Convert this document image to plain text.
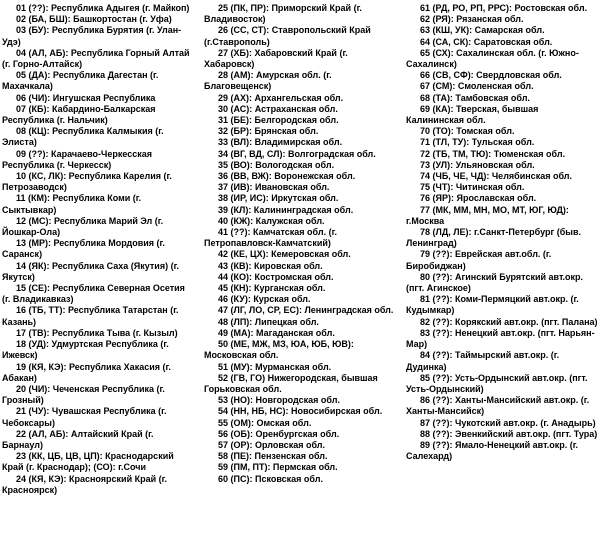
01 (??): Республика Адыгея (г. Майкоп)

02 (БА, БШ): Башкортостан (г. Уфа)

03 (БУ): Республика Бурятия (г. Улан-Удэ)

04 (АЛ, АБ): Республика Горный Алтай (г. Горно-Алтайск)

05 (ДА): Республика Дагестан (г. Махачкала)

06 (ЧИ): Ингушская Республика

07 (КБ): Кабардино-Балкарская Республика (г. Нальчик)

08 (КЦ): Республика Калмыкия (г. Элиста)

09 (??): Карачаево-Черкесская Республика (г. Черкесск)

10 (КС, ЛК): Республика Карелия (г. Петрозаводск)

11 (КМ): Республика Коми (г. Сыктывкар)

12 (МС): Республика Марий Эл (г. Йошкар-Ола)

13 (МР): Республика Мордовия (г. Саранск)

14 (ЯК): Республика Саха (Якутия) (г. Якутск)

15 (СЕ): Республика Северная Осетия (г. Владикавказ)

16 (ТБ, ТТ): Республика Татарстан (г. Казань)

17 (ТВ): Республика Тыва (г. Кызыл)

18 (УД): Удмуртская Республика (г. Ижевск)

19 (КЯ, КЭ): Республика Хакасия (г. Абакан)

20 (ЧИ): Чеченская Республика (г. Грозный)

21 (ЧУ): Чувашская Республика (г. Чебоксары)

22 (АЛ, АБ): Алтайский Край (г. Барнаул)

23 (КК, ЦБ, ЦВ, ЦП): Краснодарский Край (г. Краснодар); (СО): г.Сочи

24 (КЯ, КЭ): Красноярский Край (г. Красноярск)

25 (ПК, ПР): Приморский Край (г. Владивосток)

26 (СС, СТ): Ставропольский Край (г.Ставрополь)

27 (ХБ): Хабаровский Край (г. Хабаровск)

28 (АМ): Амурская обл. (г. Благовещенск)

29 (АХ): Архангельская обл.

30 (АС): Астраханская обл.

31 (БЕ): Белгородская обл.

32 (БР): Брянская обл.

33 (ВЛ): Владимирская обл.

34 (ВГ, ВД, СЛ): Волгоградская обл.

35 (ВО): Вологодская обл.

36 (ВВ, ВЖ): Воронежская обл.

37 (ИВ): Ивановская обл.

38 (ИР, ИС): Иркутская обл.

39 (КЛ): Калининградская обл.

40 (КЖ): Калужская обл.

41 (??): Камчатская обл. (г. Петропавловск-Камчатский)

42 (КЕ, ЦХ): Кемеровская обл.

43 (КВ): Кировская обл.

44 (КО): Костромская обл.

45 (КН): Курганская обл.

46 (КУ): Курская обл.

47 (ЛГ, ЛО, СР, ЕС): Ленинградская обл.

48 (ЛП): Липецкая обл.

49 (МА): Магаданская обл.

50 (МЕ, МЖ, МЗ, ЮА, ЮБ, ЮВ): Московская обл.

51 (МУ): Мурманская обл.

52 (ГВ, ГО) Нижегородская, бывшая Горьковская обл.

53 (НО): Новгородская обл.

54 (НН, НБ, НС): Новосибирская обл.

55 (ОМ): Омская обл.

56 (ОБ): Оренбургская обл.

57 (ОР): Орловская обл.

58 (ПЕ): Пензенская обл.

59 (ПМ, ПТ): Пермская обл.

60 (ПС): Псковская обл.

61 (РД, РО, РП, РРС): Ростовская обл.

62 (РЯ): Рязанская обл.

63 (КШ, УК): Самарская обл.

64 (СА, СК): Саратовская обл.

65 (СХ): Сахалинская обл. (г. Южно-Сахалинск)

66 (СВ, СФ): Свердловская обл.

67 (СМ): Смоленская обл.

68 (ТА): Тамбовская обл.

69 (КА): Тверская, бывшая Калининская обл.

70 (ТО): Томская обл.

71 (ТЛ, ТУ): Тульская обл.

72 (ТБ, ТМ, ТЮ): Тюменская обл.

73 (УЛ): Ульяновская обл.

74 (ЧБ, ЧЕ, ЧД): Челябинская обл.

75 (ЧТ): Читинская обл.

76 (ЯР): Ярославская обл.

77 (МК, ММ, МН, МО, МТ, ЮГ, ЮД): г.Москва

78 (ЛД, ЛЕ): г.Санкт-Петербург (быв. Ленинград)

79 (??): Еврейская авт.обл. (г. Биробиджан)

80 (??): Агинский Бурятский авт.окр. (пгт. Агинское)

81 (??): Коми-Пермяцкий авт.окр. (г. Кудымкар)

82 (??): Корякский авт.окр. (пгт. Палана)

83 (??): Ненецкий авт.окр. (пгт. Нарьян-Мар)

84 (??): Таймырский авт.окр. (г. Дудинка)

85 (??): Усть-Ордынский авт.окр. (пгт. Усть-Ордынский)

86 (??): Ханты-Мансийский авт.окр. (г. Ханты-Мансийск)

87 (??): Чукотский авт.окр. (г. Анадырь)

88 (??): Эвенкийский авт.окр. (пгт. Тура)

89 (??): Ямало-Ненецкий авт.окр. (г. Салехард)
